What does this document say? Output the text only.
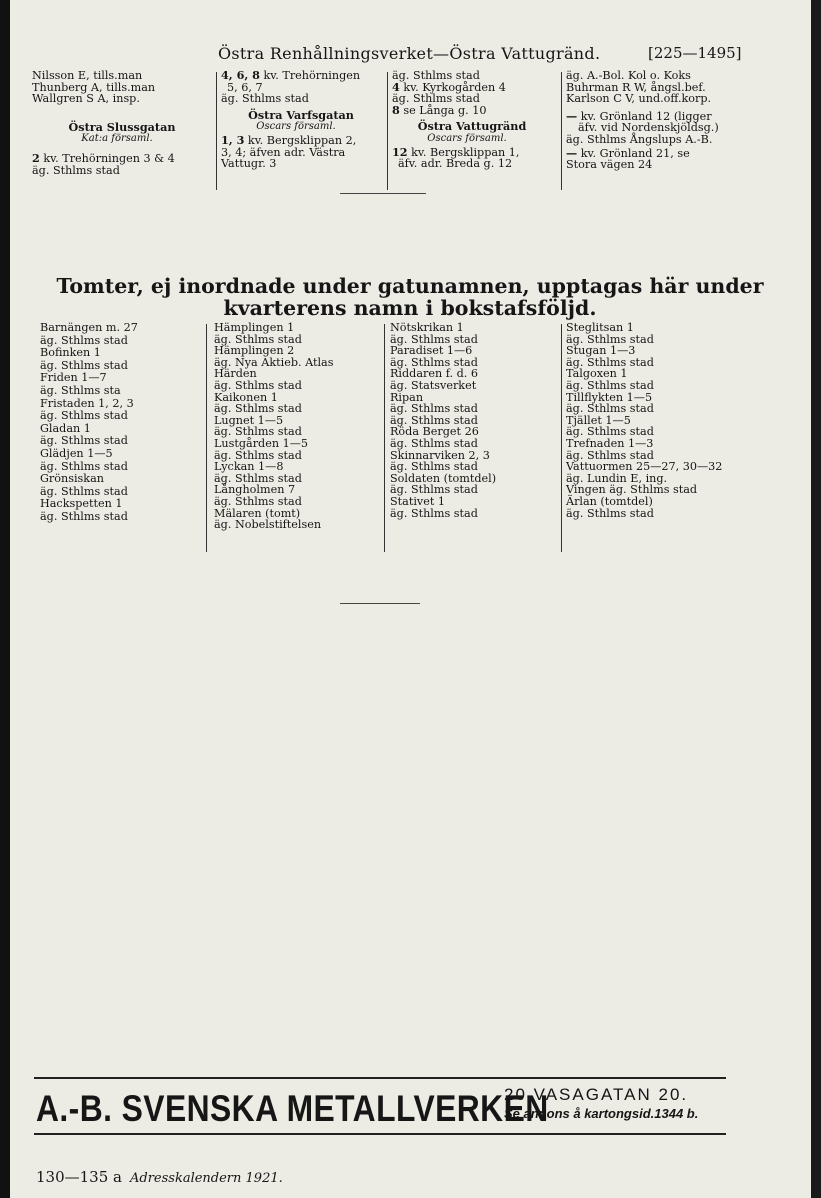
Östra Renhållningsverket—Östra Vattugränd.	[225—1495]
Nilsson E, tills.man
Thunberg A, tills.man
Wallgren S A, insp.
Östra Slussgatan
Kat:a församl.
2 kv. Trehörningen 3 & 4
äg. Sthlms stad
4, 6, 8 kv. Trehörningen
5, 6, 7
äg. Sthlms stad
Östra Varfsgatan
Oscars församl.
1, 3 kv. Bergsklippan 2,
3, 4; äfven adr. Västra
Vattugr. 3
äg. Sthlms stad
4 kv. Kyrkogården 4
äg. Sthlms stad
8 se Långa g. 10
Östra Vattugränd
Oscars församl.
12 kv. Bergsklippan 1,
äfv. adr. Breda g. 12
äg. A.-Bol. Kol o. Koks
Buhrman R W, ångsl.bef.
Karlson C V, und.off.korp.
— kv. Grönland 12 (ligger
äfv. vid Nordenskjöldsg.)
äg. Sthlms Ångslups A.-B.
— kv. Grönland 21, se
Stora vägen 24
Tomter, ej inordnade under gatunamnen, upptagas här under
kvarterens namn i bokstafsföljd.
Barnängen m. 27
äg. Sthlms stad
Bofinken 1
äg. Sthlms stad
Friden 1—7
äg. Sthlms sta
Fristaden 1, 2, 3
äg. Sthlms stad
Gladan 1
äg. Sthlms stad
Glädjen 1—5
äg. Sthlms stad
Grönsiskan
äg. Sthlms stad
Hackspetten 1
äg. Sthlms stad
Hämplingen 1
äg. Sthlms stad
Hämplingen 2
äg. Nya Aktieb. Atlas
Härden
äg. Sthlms stad
Kaikonen 1
äg. Sthlms stad
Lugnet 1—5
äg. Sthlms stad
Lustgården 1—5
äg. Sthlms stad
Lyckan 1—8
äg. Sthlms stad
Långholmen 7
äg. Sthlms stad
Mälaren (tomt)
äg. Nobelstiftelsen
Nötskrikan 1
äg. Sthlms stad
Paradiset 1—6
äg. Sthlms stad
Riddaren f. d. 6
äg. Statsverket
Ripan
äg. Sthlms stad
äg. Sthlms stad
Röda Berget 26
äg. Sthlms stad
Skinnarviken 2, 3
äg. Sthlms stad
Soldaten (tomtdel)
äg. Sthlms stad
Stativet 1
äg. Sthlms stad
Steglitsan 1
äg. Sthlms stad
Stugan 1—3
äg. Sthlms stad
Talgoxen 1
äg. Sthlms stad
Tillflykten 1—5
äg. Sthlms stad
Tjället 1—5
äg. Sthlms stad
Trefnaden 1—3
äg. Sthlms stad
Vattuormen 25—27, 30—32
äg. Lundin E, ing.
Vingen äg. Sthlms stad
Ärlan (tomtdel)
äg. Sthlms stad
A.-B. SVENSKA METALLVERKEN
20 VASAGATAN 20.
Se annons å kartongsid.1344 b.
130—135 a Adresskalendern 1921.
